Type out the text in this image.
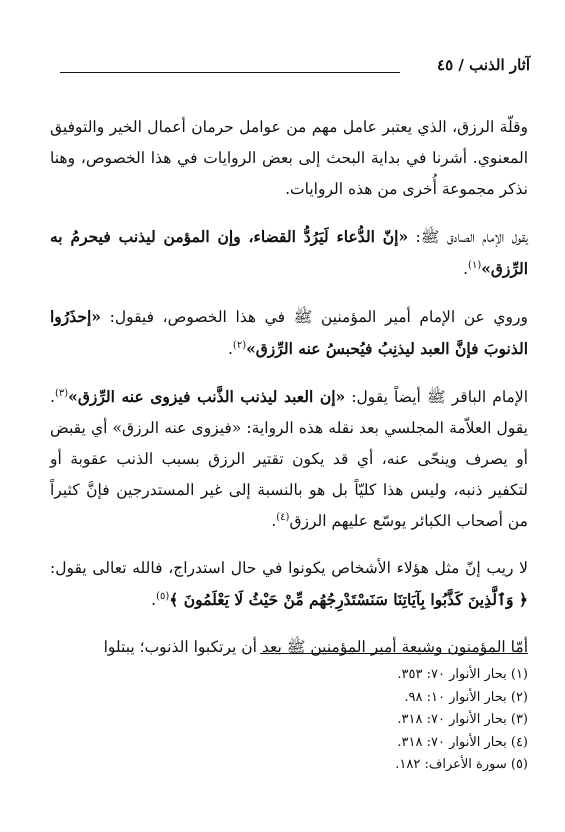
آثار الذنب / ٤٥

وقلّة الرزق، الذي يعتبر عامل مهم من عوامل حرمان أعمال الخير والتوفيق المعنوي. أشرنا في بداية البحث إلى بعض الروايات في هذا الخصوص، وهنا نذكر مجموعة أُخرى من هذه الروايات.

يقول الإمام الصادق ﷺ: «إنّ الدُّعاء لَيَرُدُّ القضاء، وإن المؤمن ليذنب فيحرمُ به الرِّزق»$^{(١)}$.

وروي عن الإمام أمير المؤمنين ﷺ في هذا الخصوص، فيقول: «إحذَرُوا الذنوبَ فإنَّ العبد ليذنِبُ فيُحبسُ عنه الرِّزق»$^{(٢)}$.

الإمام الباقر ﷺ أيضاً يقول: «إن العبد ليذنب الذَّنب فيزوى عنه الرِّزق»$^{(٣)}$. يقول العلاّمة المجلسي بعد نقله هذه الرواية: «فيزوى عنه الرزق» أي يقبض أو يصرف وينحّى عنه، أي قد يكون تقتير الرزق بسبب الذنب عقوبة أو لتكفير ذنبه، وليس هذا كليّاً بل هو بالنسبة إلى غير المستدرجين فإنَّ كثيراً من أصحاب الكبائر يوسّع عليهم الرزق$^{(٤)}$.

لا ريب إنّ مثل هؤلاء الأشخاص يكونوا في حال استدراج، فالله تعالى يقول: ﴿ وَٱلَّذِينَ كَذَّبُوا بِآيَاتِنَا سَنَسْتَدْرِجُهُم مِّنْ حَيْثُ لَا يَعْلَمُونَ ﴾$^{(٥)}$.

أمّا المؤمنون وشيعة أمير المؤمنين ﷺ بعد أن يرتكبوا الذنوب؛ يبتلوا

(١) بحار الأنوار ٧٠: ٣٥٣.
(٢) بحار الأنوار ١٠: ٩٨.
(٣) بحار الأنوار ٧٠: ٣١٨.
(٤) بحار الأنوار ٧٠: ٣١٨.
(٥) سورة الأعراف: ١٨٢.
